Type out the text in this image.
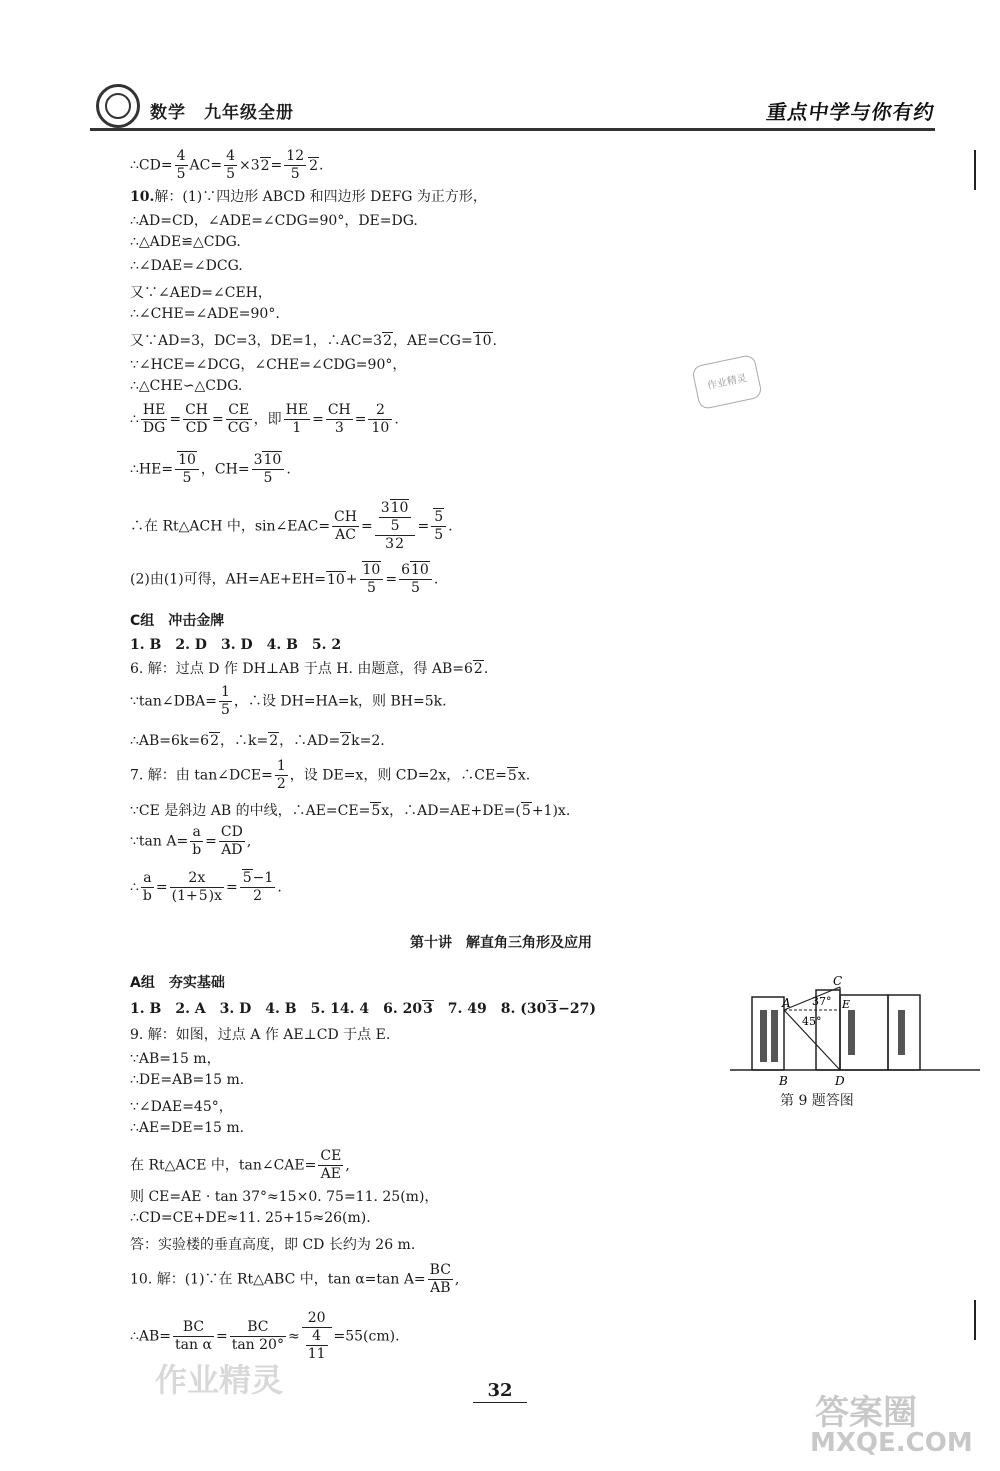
数学　九年级全册	重点中学与你有约
∴CD= $\frac{4}{5} AC= \frac{4}{5} \times 32= \frac{12}{5} 2$.
10.解：(1)∵四边形 ABCD 和四边形 DEFG 为正方形，
∴AD=CD，∠ADE=∠CDG=90°，DE=DG.
∴△ADE≌△CDG.
∴∠DAE=∠DCG.
又∵∠AED=∠CEH，
∴∠CHE=∠ADE=90°.
又∵AD=3，DC=3，DE=1，∴AC=32，AE=CG=10.
∵∠HCE=∠DCG，∠CHE=∠CDG=90°，
∴△CHE∽△CDG.
∴ $\frac{HE}{DG} = \frac{CH}{CD} = \frac{CE}{CG}$ ，即 $\frac{HE}{1} = \frac{CH}{3} = \frac{2}{10}$ .
∴HE= $\frac{10}{5}$ ，$CH= \frac{310}{5}$ .
∴在 Rt△ACH 中，sin∠EAC= $\frac{CH}{AC} = \frac{\frac{310}{5}}{32} = \frac{5}{5}$ .
(2)由(1)可得，$AH=AE+EH=10+ \frac{10}{5} = \frac{610}{5}$ .
C组　冲击金牌
1. B　2. D　3. D　4. B　5. 2
6. 解：过点 D 作 DH⊥AB 于点 H. 由题意，得 AB=62.
∵tan∠DBA= $\frac{1}{5}$ ，∴设 DH=HA=k，则 BH=5k.
∴AB=6k=62，∴k=2，∴AD=2k=2.
7. 解：由 tan∠DCE= $\frac{1}{2}$ ，设 DE=x，则 CD=2x，∴CE=5x.
∵CE 是斜边 AB 的中线，∴AE=CE=5x，∴AD=AE+DE=(5+1)x.
∵tan $A= \frac{a}{b} = \frac{CD}{AD}$ ,
∴ $\frac{a}{b} = \frac{2x}{(1+5)x} = \frac{5-1}{2}$ .
第十讲　解直角三角形及应用
A组　夯实基础
1. B　2. A　3. D　4. B　5. 14. 4　6. 203　7. 49　8. (303−27)
9. 解：如图，过点 A 作 AE⊥CD 于点 E.
∵AB=15 m，
∴DE=AB=15 m.
∵∠DAE=45°，
∴AE=DE=15 m.
在 Rt△ACE 中，tan∠CAE= $\frac{CE}{AE}$ ,
则 CE=AE · tan 37°≈15×0. 75=11. 25(m)，
∴CD=CE+DE≈11. 25+15≈26(m).
答：实验楼的垂直高度，即 CD 长约为 26 m.
10. 解：(1)∵在 Rt△ABC 中，tan α=tan $A= \frac{BC}{AB}$ ,
∴AB= $\frac{BC}{\text{tan α}} = \frac{BC}{\tan 20^\circ} \approx \frac{20}{\frac{4}{11}} =55(cm)$.
C
A	E
37°
45°
B	D
第 9 题答图
作业精灵
作业精灵
答案圈
MXQE.COM
32
